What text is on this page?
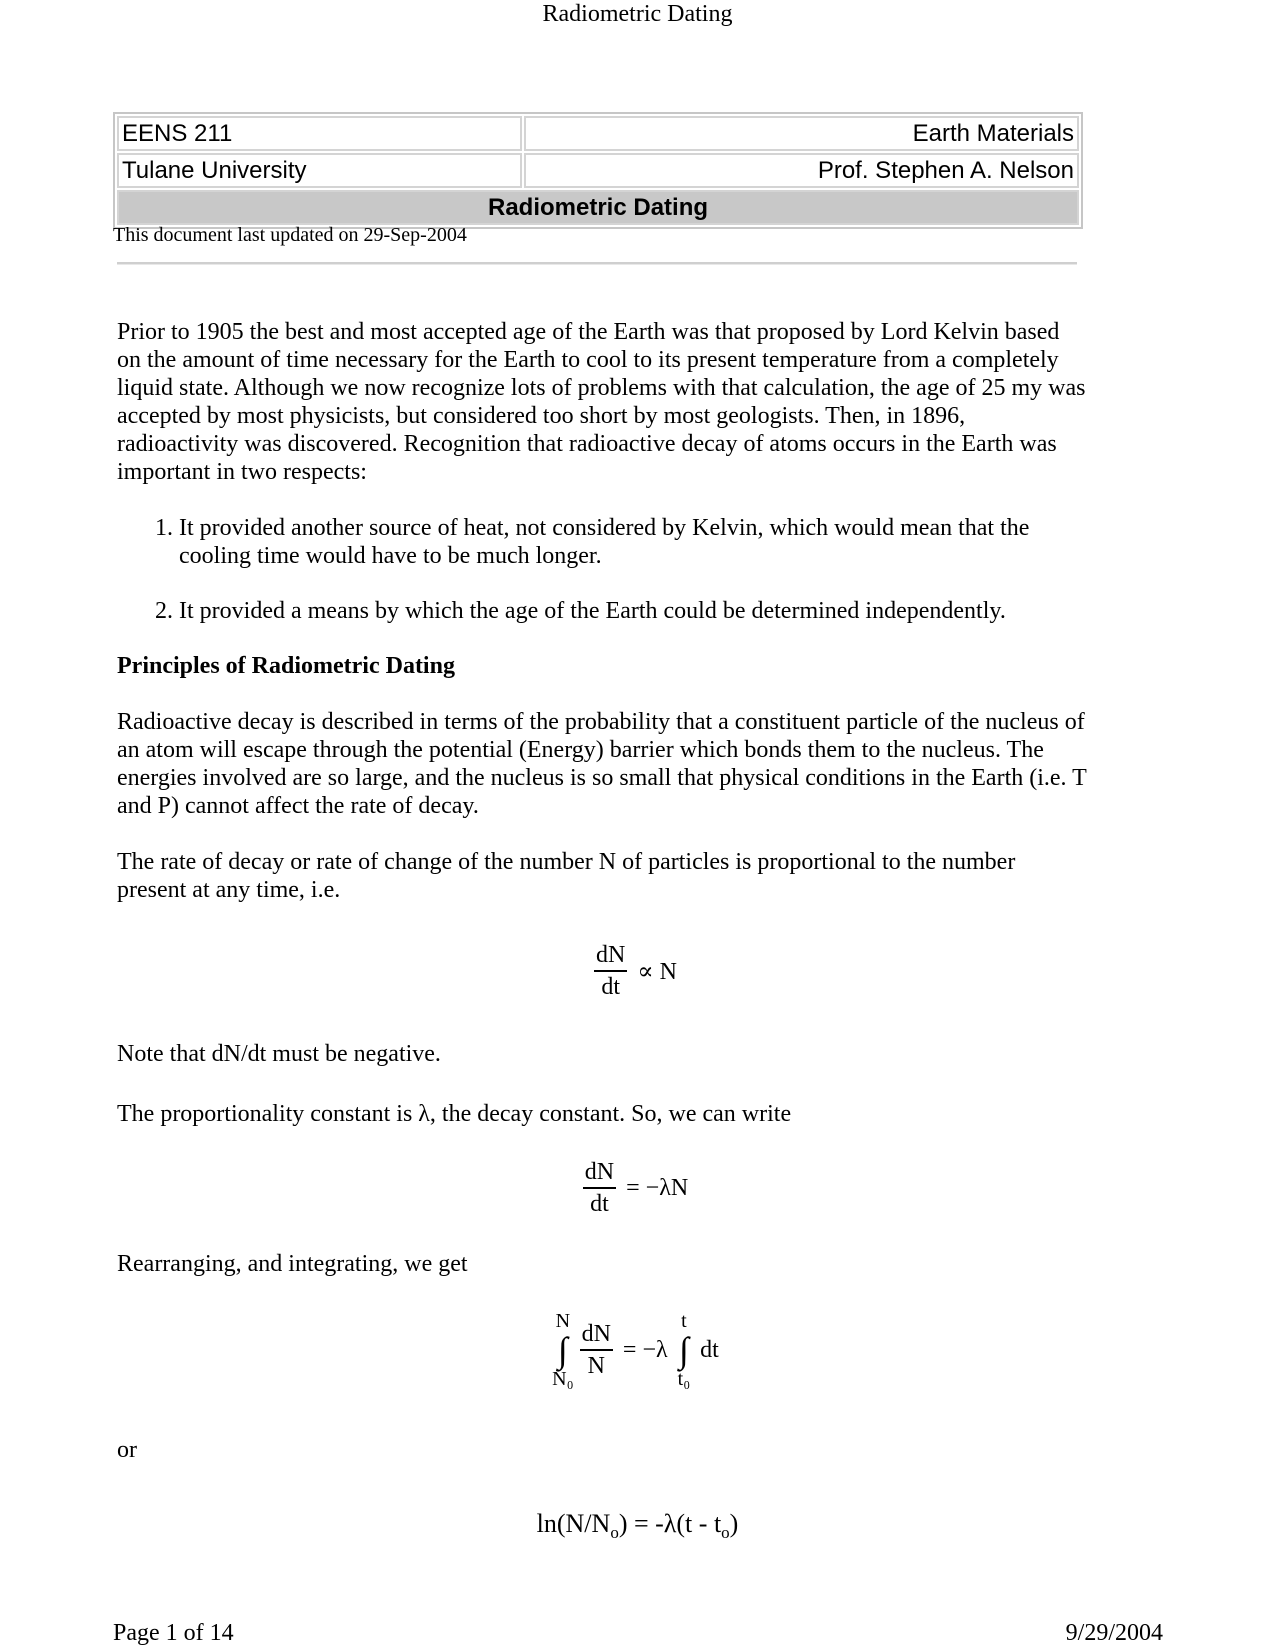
Radiometric Dating
EENS 211	Earth Materials
Tulane University	Prof. Stephen A. Nelson
Radiometric Dating	
This document last updated on 29-Sep-2004

Prior to 1905 the best and most accepted age of the Earth was that proposed by Lord Kelvin based on the amount of time necessary for the Earth to cool to its present temperature from a completely liquid state. Although we now recognize lots of problems with that calculation, the age of 25 my was accepted by most physicists, but considered too short by most geologists. Then, in 1896, radioactivity was discovered. Recognition that radioactive decay of atoms occurs in the Earth was important in two respects:

1. It provided another source of heat, not considered by Kelvin, which would mean that the cooling time would have to be much longer.
2. It provided a means by which the age of the Earth could be determined independently.

Principles of Radiometric Dating

Radioactive decay is described in terms of the probability that a constituent particle of the nucleus of an atom will escape through the potential (Energy) barrier which bonds them to the nucleus. The energies involved are so large, and the nucleus is so small that physical conditions in the Earth (i.e. T and P) cannot affect the rate of decay.

The rate of decay or rate of change of the number N of particles is proportional to the number present at any time, i.e.

$\frac{dN}{dt} \propto N$
Note that dN/dt must be negative.
The proportionality constant is λ, the decay constant. So, we can write
$\frac{dN}{dt} = -\lambda N$
Rearranging, and integrating, we get
N
∫
N₀
$\frac{dN}{N} = -\lambda$
t
∫
t₀
dt
or
$\ln(N/N_o) = -\lambda(t - t_o)$
Page 1 of 14	9/29/2004
